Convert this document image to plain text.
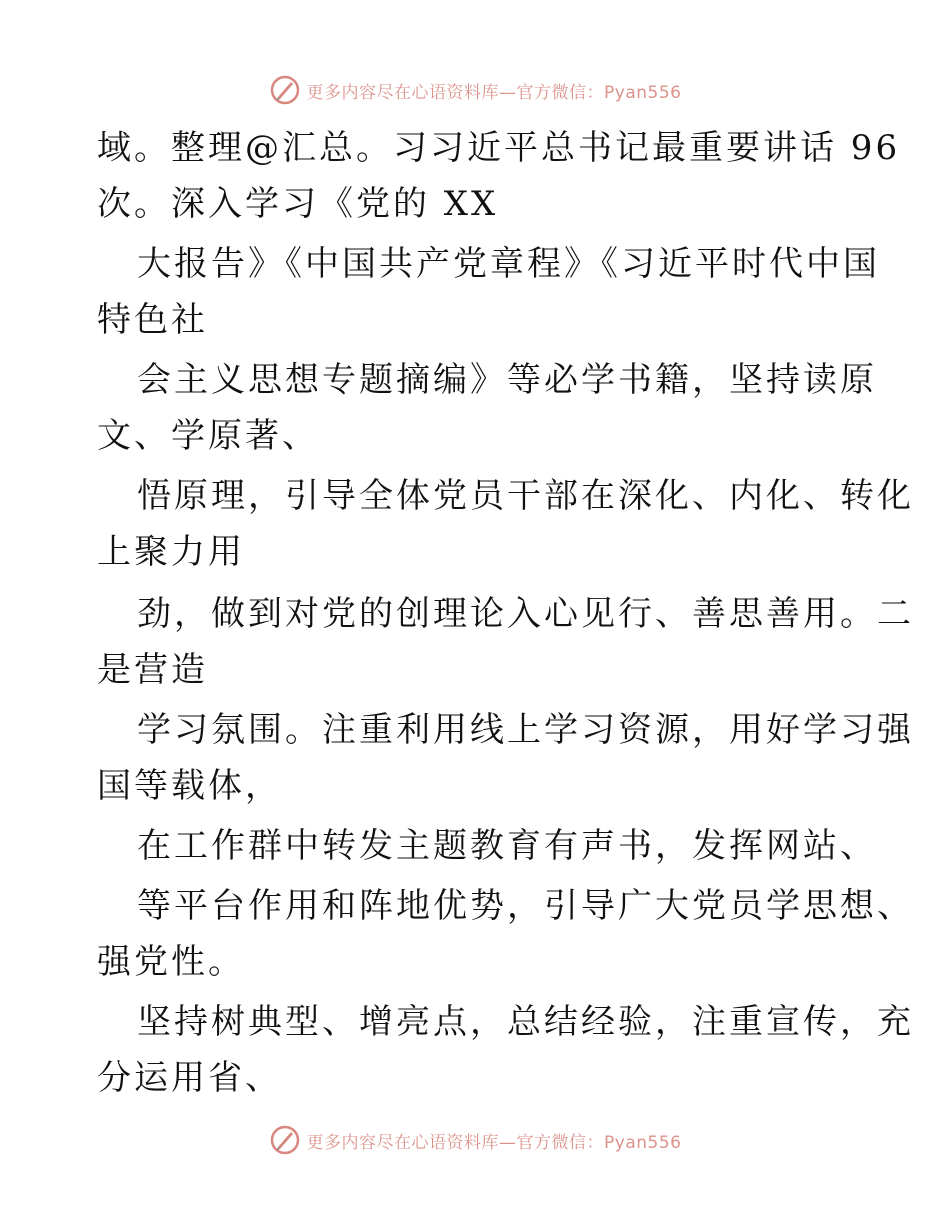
更多内容尽在心语资料库—官方微信：Pyan556
域。整理@汇总。习习近平总书记最重要讲话 96
次。深入学习《党的 XX
大报告》《中国共产党章程》《习近平时代中国
特色社
会主义思想专题摘编》等必学书籍，坚持读原
文、学原著、
悟原理，引导全体党员干部在深化、内化、转化
上聚力用
劲，做到对党的创理论入心见行、善思善用。二
是营造
学习氛围。注重利用线上学习资源，用好学习强
国等载体，
在工作群中转发主题教育有声书，发挥网站、
等平台作用和阵地优势，引导广大党员学思想、
强党性。
坚持树典型、增亮点，总结经验，注重宣传，充
分运用省、
更多内容尽在心语资料库—官方微信：Pyan556
